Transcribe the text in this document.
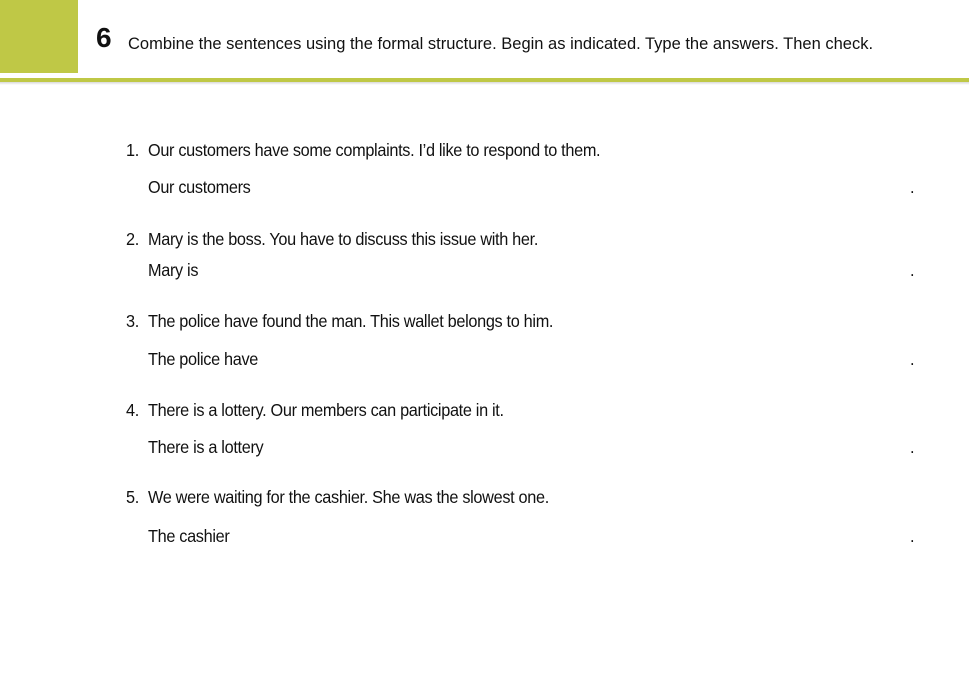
6 Combine the sentences using the formal structure. Begin as indicated. Type the answers. Then check.
1. Our customers have some complaints. I’d like to respond to them.
Our customers	.
2. Mary is the boss. You have to discuss this issue with her.
Mary is	.
3. The police have found the man. This wallet belongs to him.
The police have	.
4. There is a lottery. Our members can participate in it.
There is a lottery	.
5. We were waiting for the cashier. She was the slowest one.
The cashier	.
